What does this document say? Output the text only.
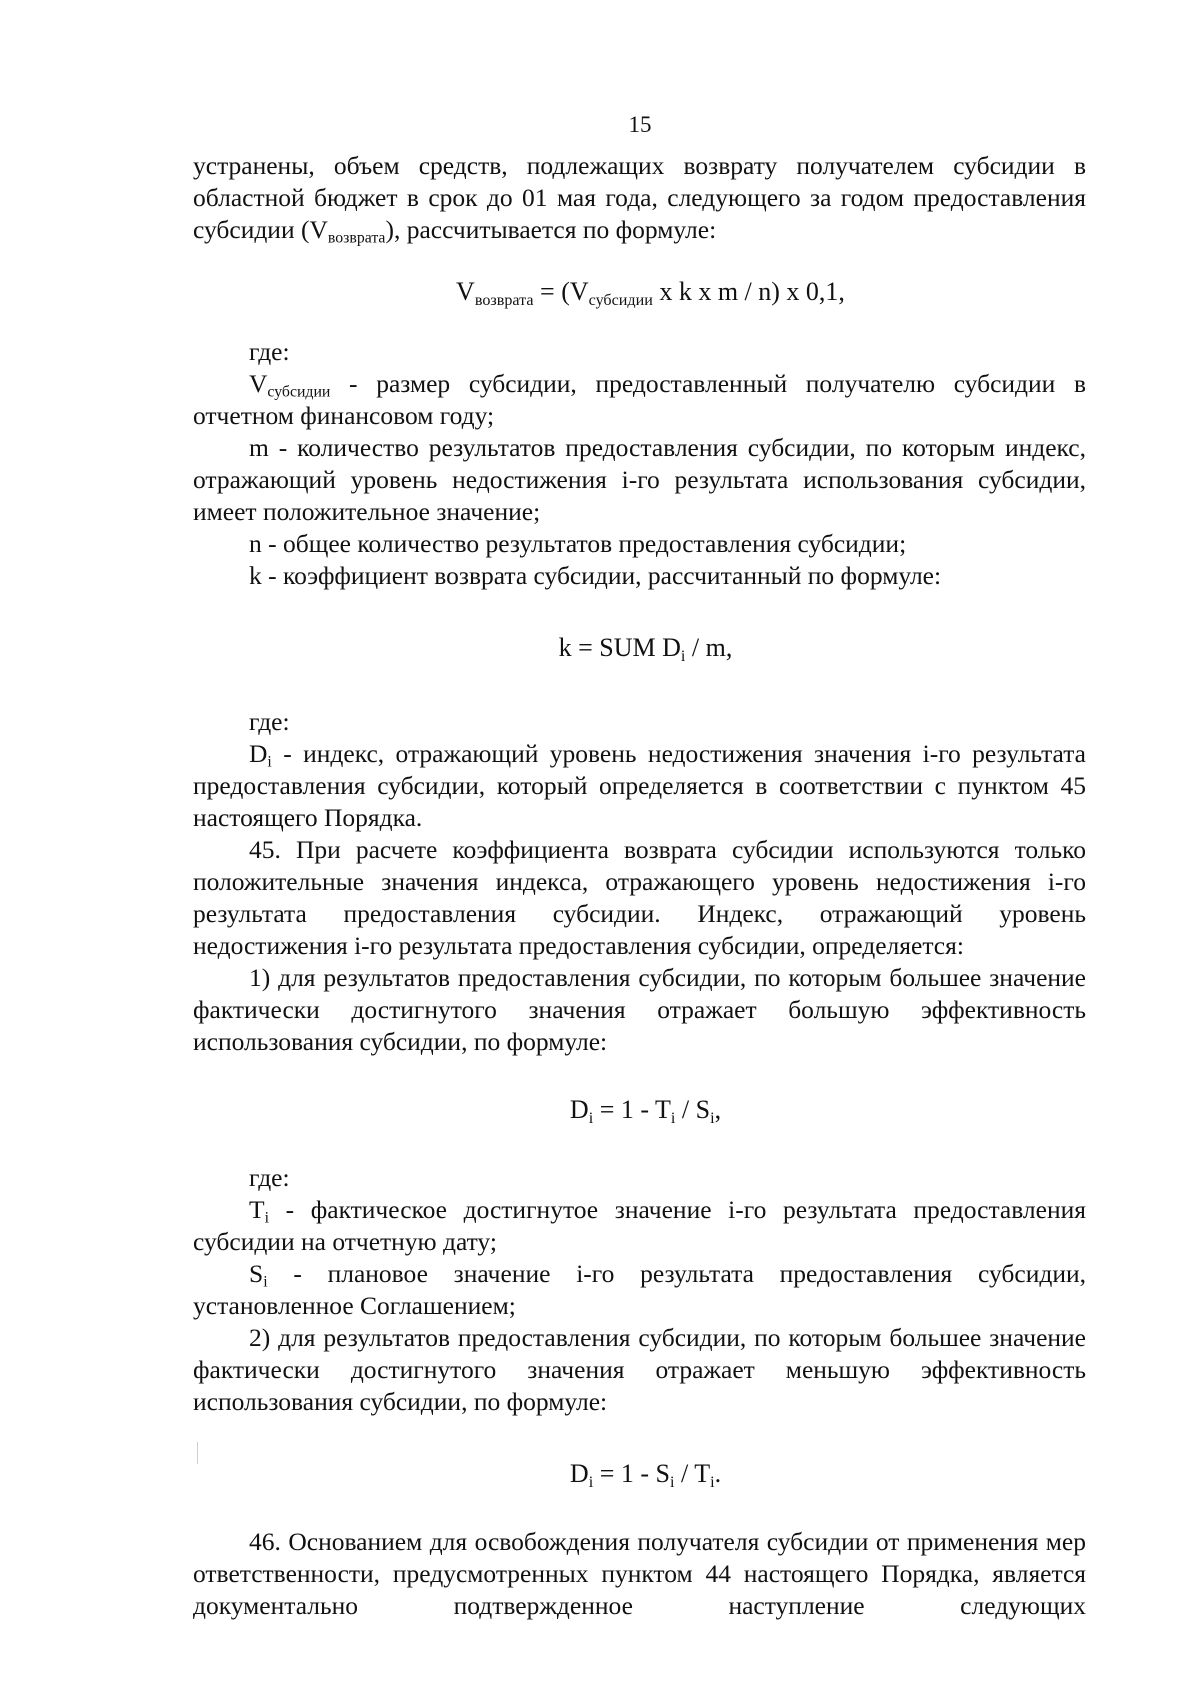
15

устранены, объем средств, подлежащих возврату получателем субсидии в областной бюджет в срок до 01 мая года, следующего за годом предоставления субсидии $(V_{возврата})$, рассчитывается по формуле:

$V_{возврата} = (V_{субсидии}$ x k x m / n) x 0,1,

где:

$V_{субсидии}$ - размер субсидии, предоставленный получателю субсидии в отчетном финансовом году;

m - количество результатов предоставления субсидии, по которым индекс, отражающий уровень недостижения i-го результата использования субсидии, имеет положительное значение;

n - общее количество результатов предоставления субсидии;

k - коэффициент возврата субсидии, рассчитанный по формуле:

k = SUM $D_i$ / m,

где:

$D_i$ - индекс, отражающий уровень недостижения значения i-го результата предоставления субсидии, который определяется в соответствии с пунктом 45 настоящего Порядка.

45. При расчете коэффициента возврата субсидии используются только положительные значения индекса, отражающего уровень недостижения i-го результата предоставления субсидии. Индекс, отражающий уровень недостижения i-го результата предоставления субсидии, определяется:

1) для результатов предоставления субсидии, по которым большее значение фактически достигнутого значения отражает большую эффективность использования субсидии, по формуле:

$D_i = 1 - T_i / S_i$,

где:

$T_i$ - фактическое достигнутое значение i-го результата предоставления субсидии на отчетную дату;

$S_i$ - плановое значение i-го результата предоставления субсидии, установленное Соглашением;

2) для результатов предоставления субсидии, по которым большее значение фактически достигнутого значения отражает меньшую эффективность использования субсидии, по формуле:

$D_i = 1 - S_i / T_i$.

46. Основанием для освобождения получателя субсидии от применения мер ответственности, предусмотренных пунктом 44 настоящего Порядка, является документально подтвержденное наступление следующих
